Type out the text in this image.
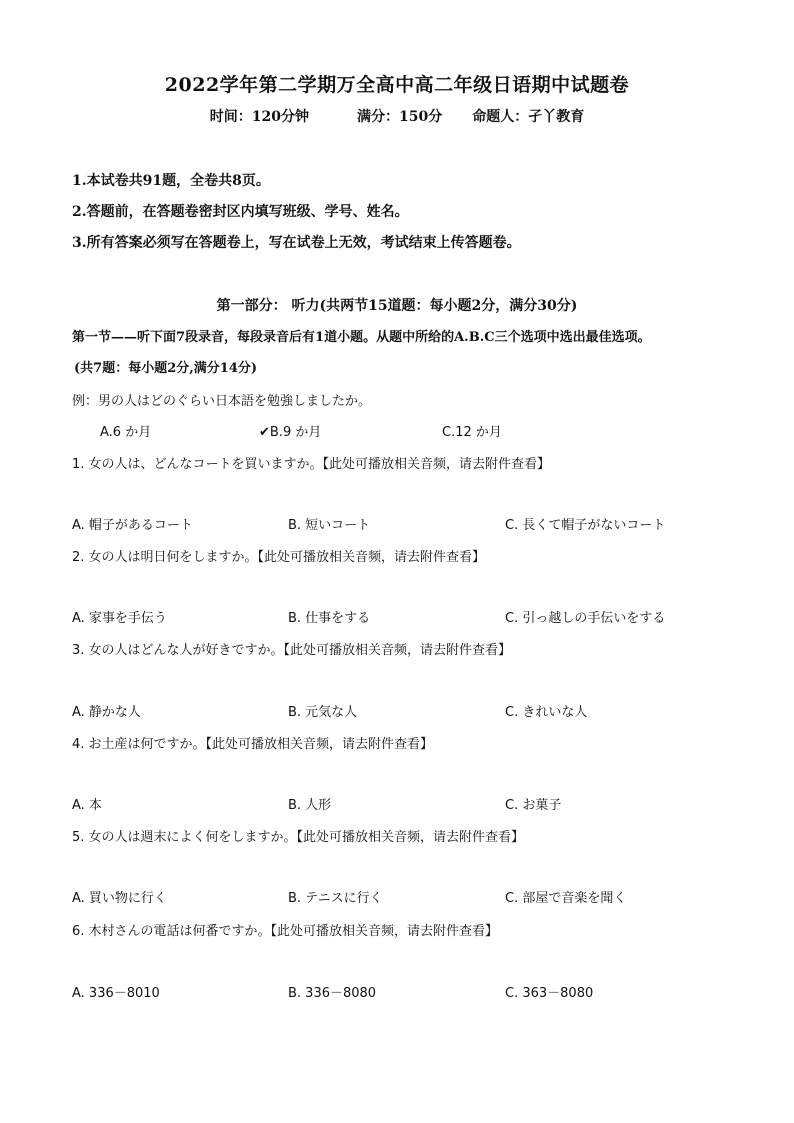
2022学年第二学期万全高中高二年级日语期中试题卷
时间：120分钟	满分：150分 命题人：孑丫教育
1.本试卷共91题，全卷共8页。
2.答题前，在答题卷密封区内填写班级、学号、姓名。
3.所有答案必须写在答题卷上，写在试卷上无效，考试结束上传答题卷。
第一部分： 听力(共两节15道题：每小题2分，满分30分)
第一节——听下面7段录音，每段录音后有1道小题。从题中所给的A.B.C三个选项中选出最佳选项。
(共7题：每小题2分,满分14分)
例：男の人はどのぐらい日本語を勉強しましたか。
A.6 か月	✔B.9 か月	C.12 か月
1. 女の人は、どんなコートを買いますか。【此处可播放相关音频，请去附件查看】
A. 帽子があるコート	B. 短いコート	C. 長くて帽子がないコート
2. 女の人は明日何をしますか。【此处可播放相关音频，请去附件查看】
A. 家事を手伝う	B. 仕事をする	C. 引っ越しの手伝いをする
3. 女の人はどんな人が好きですか。【此处可播放相关音频，请去附件查看】
A. 静かな人	B. 元気な人	C. きれいな人
4. お土産は何ですか。【此处可播放相关音频，请去附件查看】
A. 本	B. 人形	C. お菓子
5. 女の人は週末によく何をしますか。【此处可播放相关音频，请去附件查看】
A. 買い物に行く	B. テニスに行く	C. 部屋で音楽を聞く
6. 木村さんの電話は何番ですか。【此处可播放相关音频，请去附件查看】
A. 336－8010	B. 336－8080	C. 363－8080
